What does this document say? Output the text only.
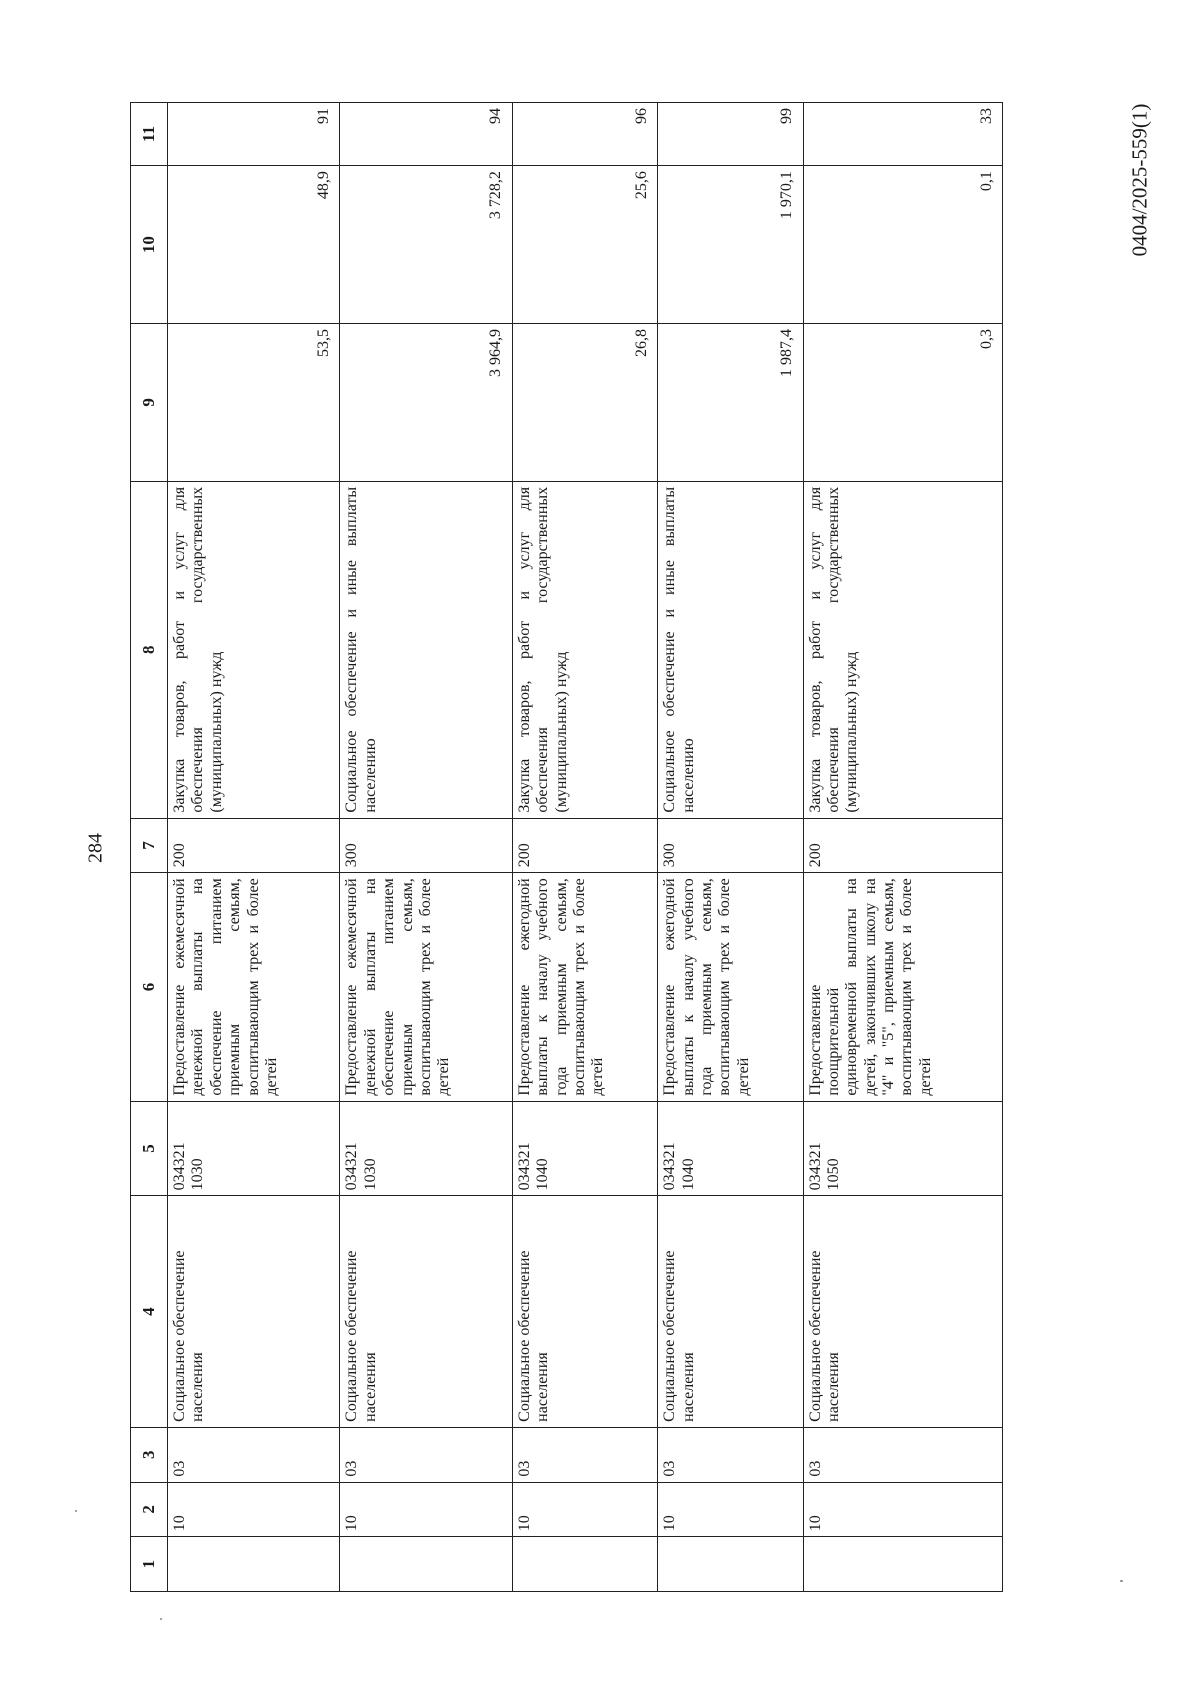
284
0404/2025-559(1)
1	2	3	4	5	6	7	8	9	10	11
	10	03	Социальное обеспечение населения	034321 1030	Предоставление ежемесячной денежной выплаты на обеспечение питанием приемным семьям, воспитывающим трех и более детей	200	Закупка товаров, работ и услуг для обеспечения государственных (муниципальных) нужд	53,5	48,9	91
	10	03	Социальное обеспечение населения	034321 1030	Предоставление ежемесячной денежной выплаты на обеспечение питанием приемным семьям, воспитывающим трех и более детей	300	Социальное обеспечение и иные выплаты населению	3 964,9	3 728,2	94
	10	03	Социальное обеспечение населения	034321 1040	Предоставление ежегодной выплаты к началу учебного года приемным семьям, воспитывающим трех и более детей	200	Закупка товаров, работ и услуг для обеспечения государственных (муниципальных) нужд	26,8	25,6	96
	10	03	Социальное обеспечение населения	034321 1040	Предоставление ежегодной выплаты к началу учебного года приемным семьям, воспитывающим трех и более детей	300	Социальное обеспечение и иные выплаты населению	1 987,4	1 970,1	99
	10	03	Социальное обеспечение населения	034321 1050	Предоставление поощрительной единовременной выплаты на детей, закончивших школу на "4" и "5", приемным семьям, воспитывающим трех и более детей	200	Закупка товаров, работ и услуг для обеспечения государственных (муниципальных) нужд	0,3	0,1	33
